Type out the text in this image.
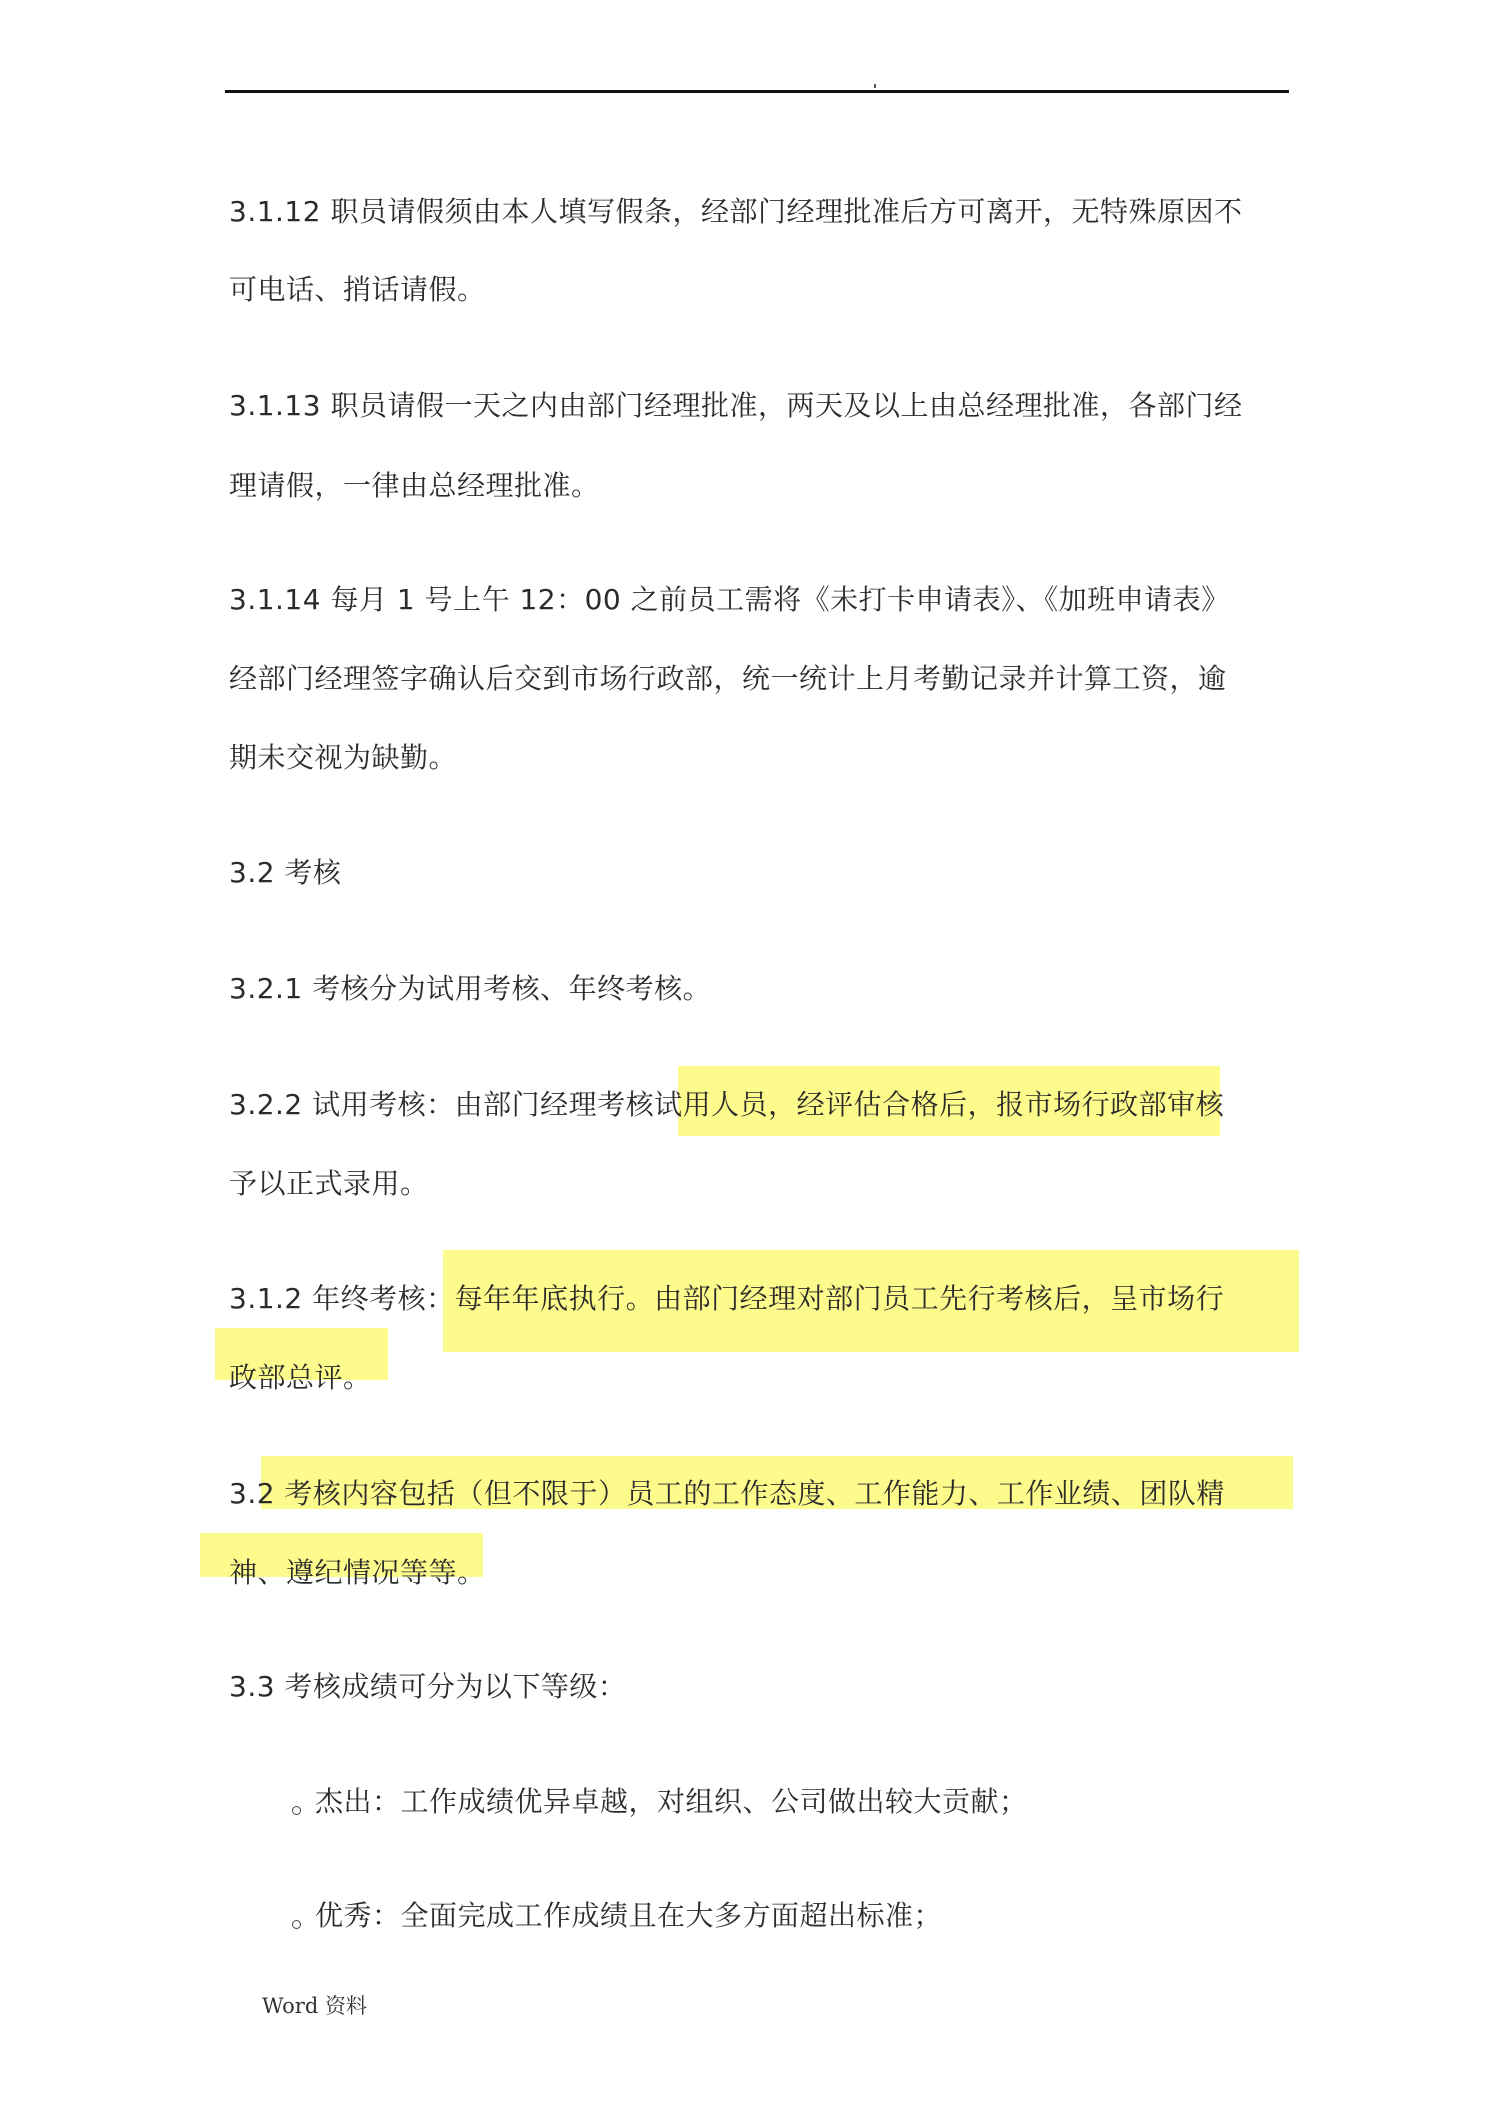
3.1.12 职员请假须由本人填写假条，经部门经理批准后方可离开，无特殊原因不
可电话、捎话请假。
3.1.13 职员请假一天之内由部门经理批准，两天及以上由总经理批准，各部门经
理请假，一律由总经理批准。
3.1.14 每月 1 号上午 12：00 之前员工需将《未打卡申请表》、《加班申请表》
经部门经理签字确认后交到市场行政部，统一统计上月考勤记录并计算工资，逾
期未交视为缺勤。
3.2 考核
3.2.1 考核分为试用考核、年终考核。
3.2.2 试用考核：由部门经理考核试用人员，经评估合格后，报市场行政部审核
予以正式录用。
3.1.2 年终考核：每年年底执行。由部门经理对部门员工先行考核后，呈市场行
政部总评。
3.2 考核内容包括（但不限于）员工的工作态度、工作能力、工作业绩、团队精
神、遵纪情况等等。
3.3 考核成绩可分为以下等级：
杰出：工作成绩优异卓越，对组织、公司做出较大贡献；
优秀：全面完成工作成绩且在大多方面超出标准；
Word 资料
